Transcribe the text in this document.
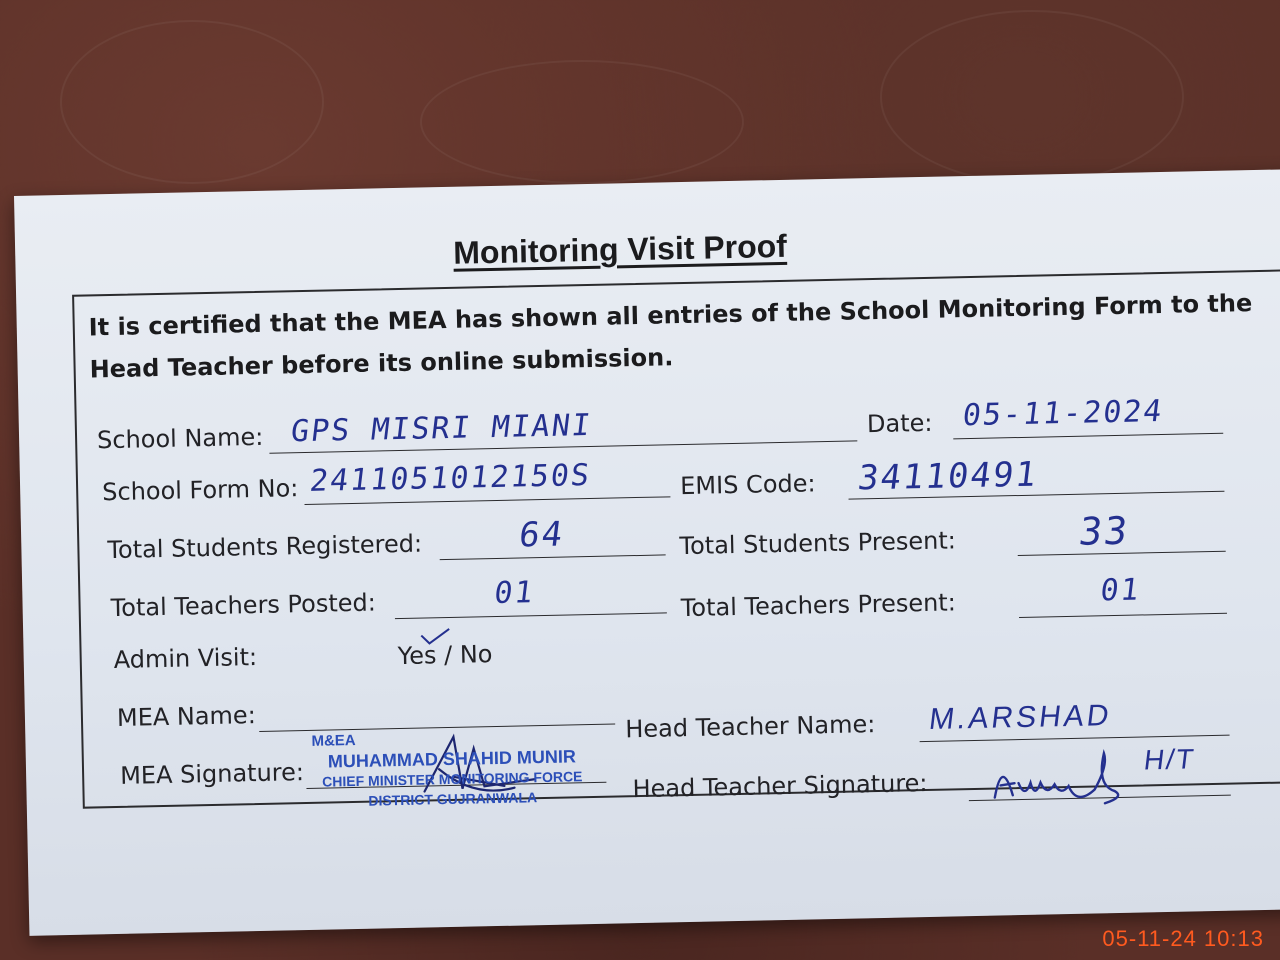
Monitoring Visit Proof
It is certified that the MEA has shown all entries of the School Monitoring Form to the Head Teacher before its online submission.
School Name: GPS MISRI MIANI	Date: 05-11-2024
School Form No: 2411051012150S	EMIS Code: 34110491
Total Students Registered:	64	Total Students Present:	33
Total Teachers Posted:	01	Total Teachers Present:	01
Admin Visit:	Yes / No
MEA Name:	Head Teacher Name: M.ARSHAD
MEA Signature:	Head Teacher Signature:
H/T
M&EA
MUHAMMAD SHAHID MUNIR
CHIEF MINISTER MONITORING FORCE
DISTRICT GUJRANWALA
05-11-24 10:13
